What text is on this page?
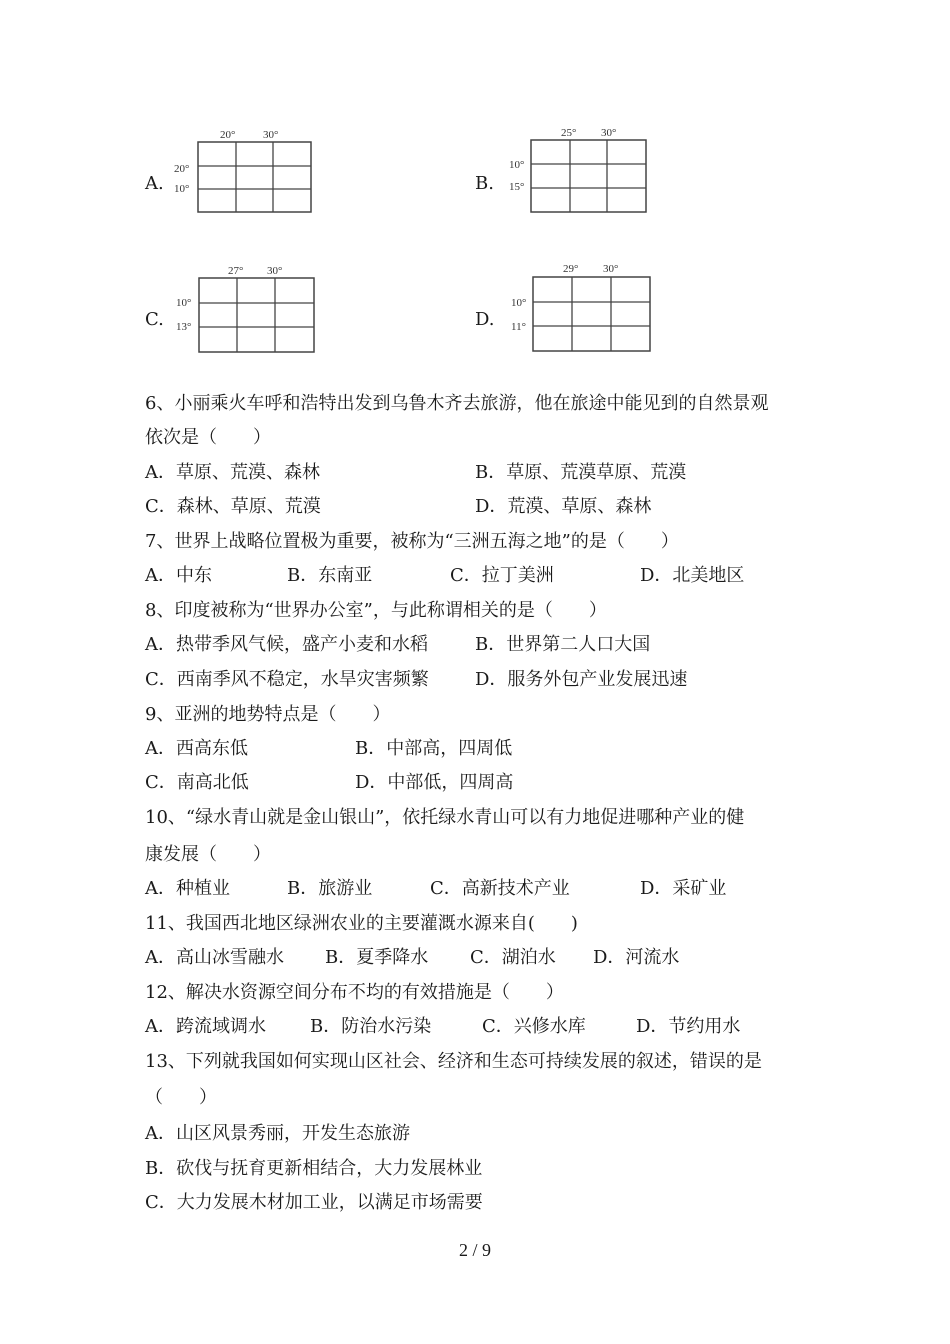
A.
20°	30°
20°
10°	B.
25° 30°
10°
15°
C.
27° 30°
10°
13°	D.
29° 30°
10°
11°
6、小丽乘火车呼和浩特出发到乌鲁木齐去旅游，他在旅途中能见到的自然景观
依次是（　　）
A．草原、荒漠、森林	B．草原、荒漠草原、荒漠
C．森林、草原、荒漠	D．荒漠、草原、森林
7、世界上战略位置极为重要，被称为“三洲五海之地”的是（　　）
A．中东	B．东南亚	C．拉丁美洲	D．北美地区
8、印度被称为“世界办公室”，与此称谓相关的是（　　）
A．热带季风气候，盛产小麦和水稻	B．世界第二人口大国
C．西南季风不稳定，水旱灾害频繁	D．服务外包产业发展迅速
9、亚洲的地势特点是（　　）
A．西高东低	B．中部高，四周低
C．南高北低	D．中部低，四周高
10、“绿水青山就是金山银山”，依托绿水青山可以有力地促进哪种产业的健
康发展（　　）
A．种植业	B．旅游业	C．高新技术产业	D．采矿业
11、我国西北地区绿洲农业的主要灌溉水源来自(　　)
A．高山冰雪融水 B．夏季降水 C．湖泊水 D．河流水
12、解决水资源空间分布不均的有效措施是（　　）
A．跨流域调水 B．防治水污染	C．兴修水库	D．节约用水
13、下列就我国如何实现山区社会、经济和生态可持续发展的叙述，错误的是
（　　）
A．山区风景秀丽，开发生态旅游
B．砍伐与抚育更新相结合，大力发展林业
C．大力发展木材加工业，以满足市场需要
2 / 9
